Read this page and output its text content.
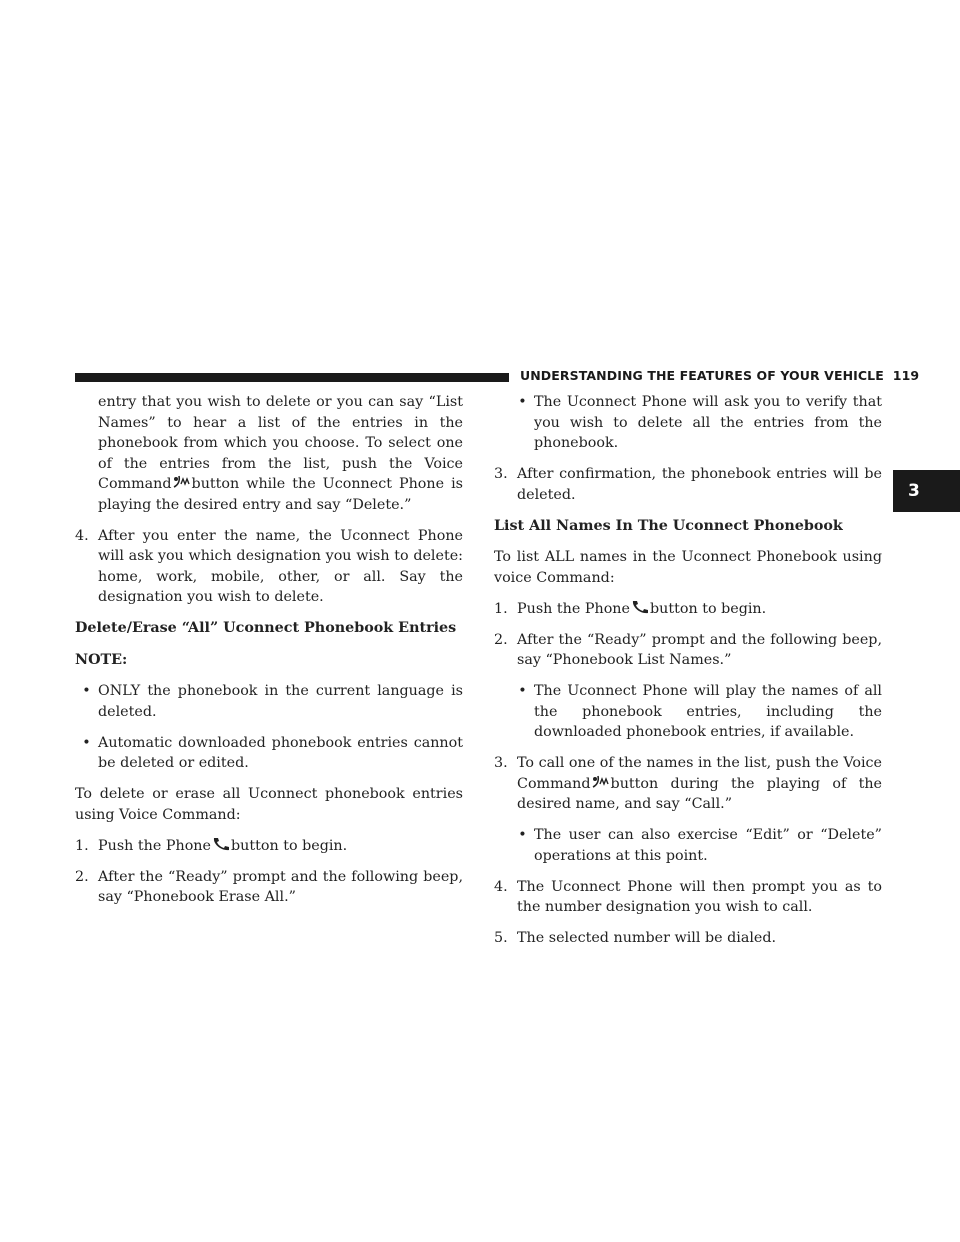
UNDERSTANDING THE FEATURES OF YOUR VEHICLE 119
3

entry that you wish to delete or you can say “List Names” to hear a list of the entries in the phonebook from which you choose. To select one of the entries from the list, push the Voice Command button while the Uconnect Phone is playing the desired entry and say “Delete.”

4. After you enter the name, the Uconnect Phone will ask you which designation you wish to delete: home, work, mobile, other, or all. Say the designation you wish to delete.

Delete/Erase “All” Uconnect Phonebook Entries

NOTE:

• ONLY the phonebook in the current language is deleted.

• Automatic downloaded phonebook entries cannot be deleted or edited.

To delete or erase all Uconnect phonebook entries using Voice Command:

1. Push the Phone button to begin.

2. After the “Ready” prompt and the following beep, say “Phonebook Erase All.”

• The Uconnect Phone will ask you to verify that you wish to delete all the entries from the phonebook.

3. After confirmation, the phonebook entries will be deleted.

List All Names In The Uconnect Phonebook

To list ALL names in the Uconnect Phonebook using voice Command:

1. Push the Phone button to begin.

2. After the “Ready” prompt and the following beep, say “Phonebook List Names.”

• The Uconnect Phone will play the names of all the phonebook entries, including the downloaded phonebook entries, if available.

3. To call one of the names in the list, push the Voice Command button during the playing of the desired name, and say “Call.”

• The user can also exercise “Edit” or “Delete” operations at this point.

4. The Uconnect Phone will then prompt you as to the number designation you wish to call.

5. The selected number will be dialed.
